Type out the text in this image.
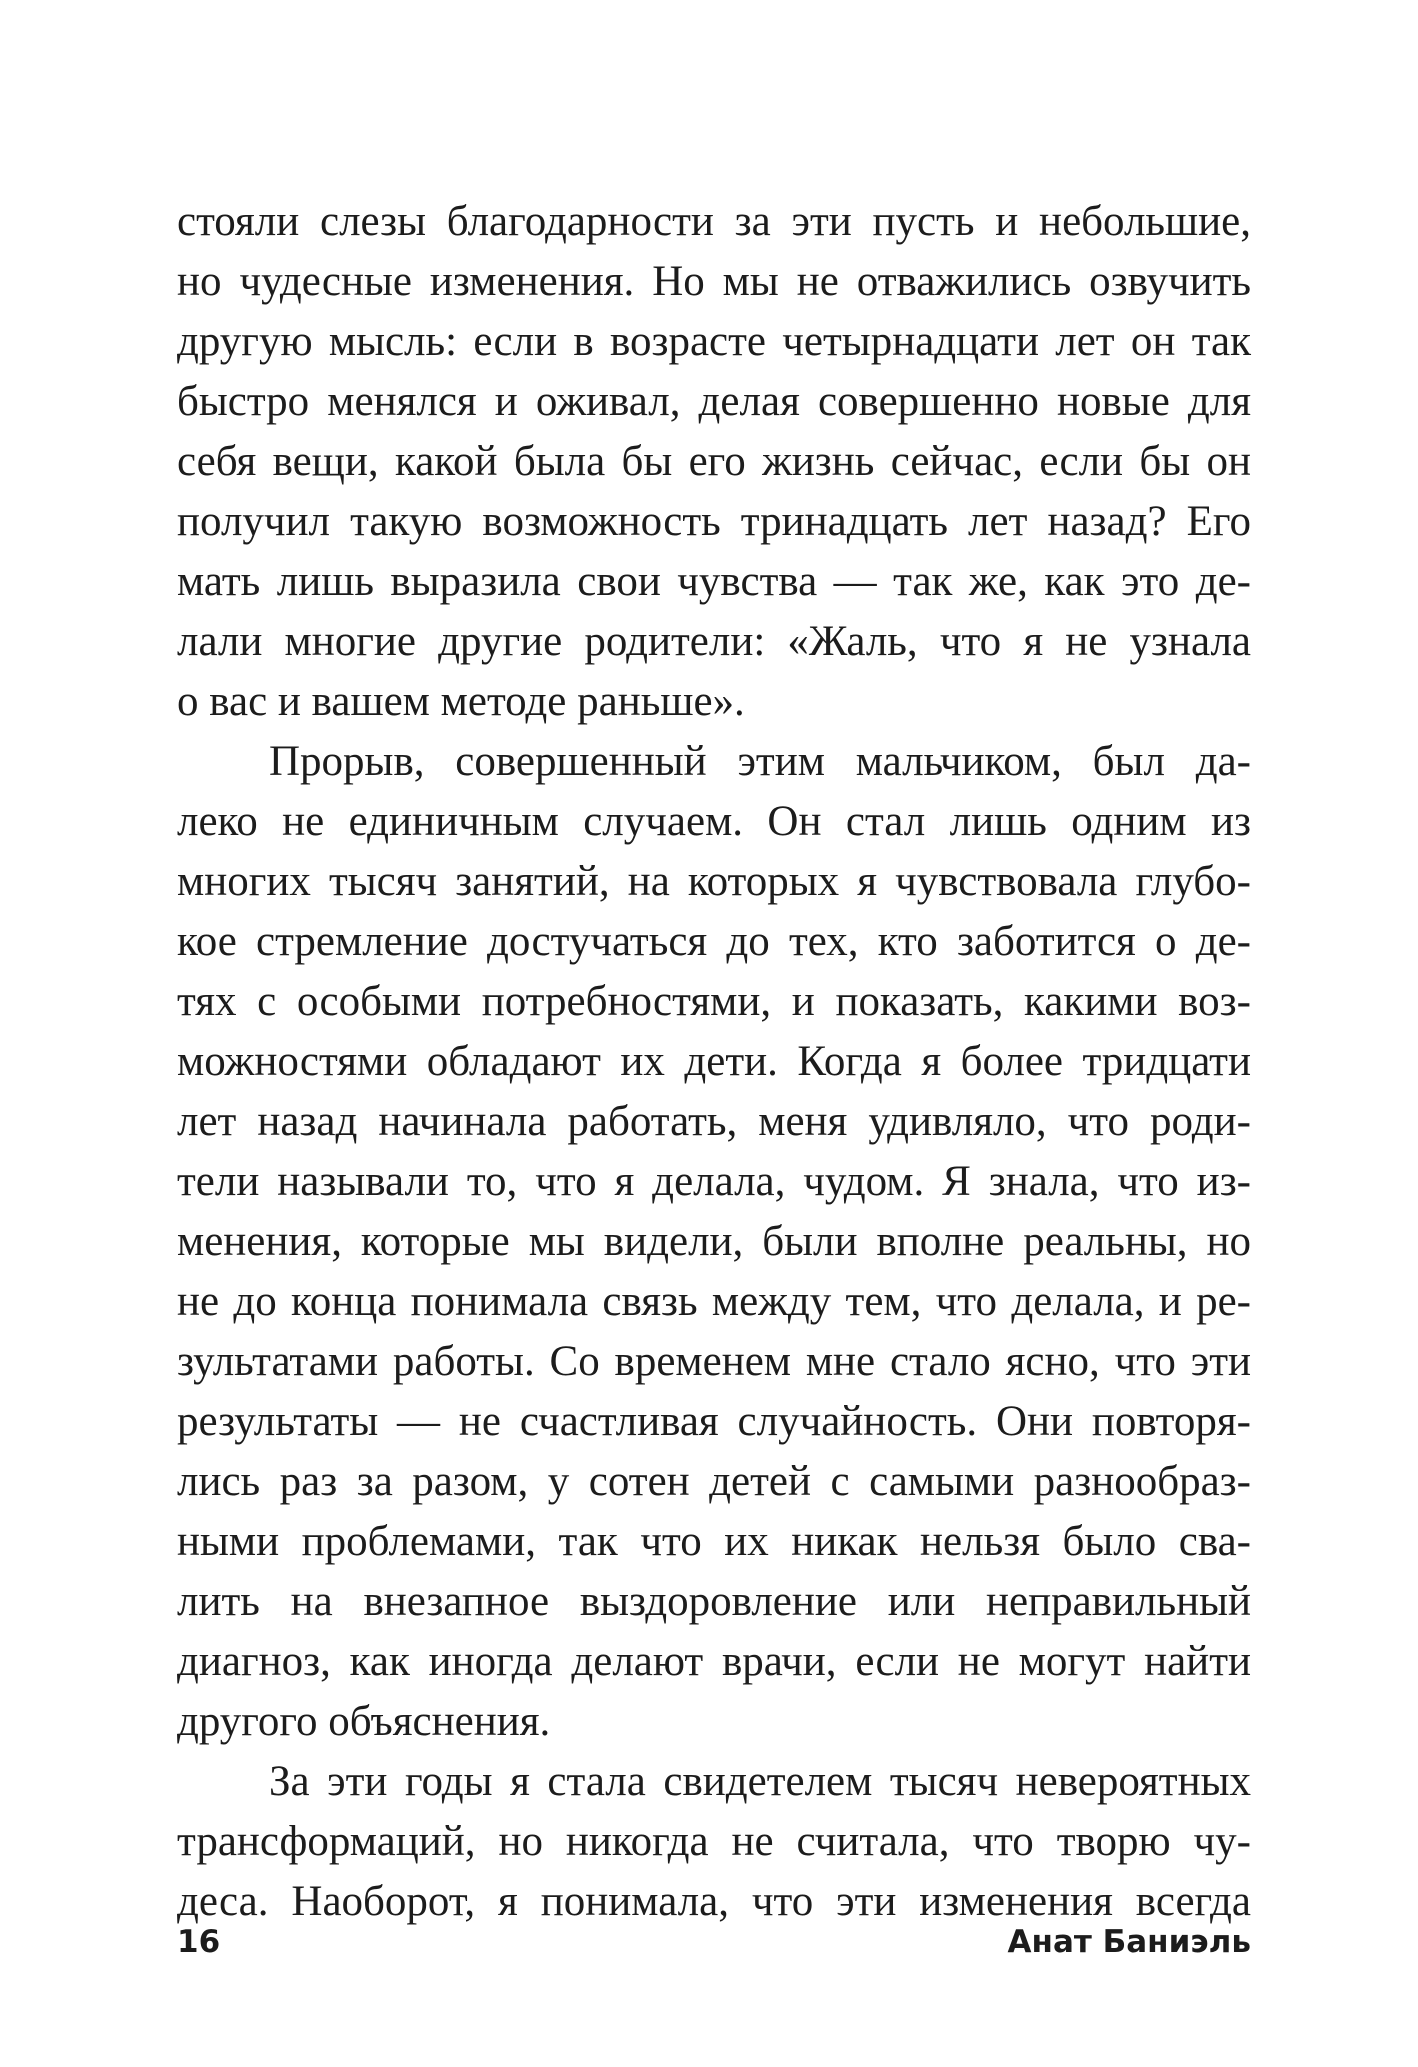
стояли слезы благодарности за эти пусть и небольшие,
но чудесные изменения. Но мы не отважились озвучить
другую мысль: если в возрасте четырнадцати лет он так
быстро менялся и оживал, делая совершенно новые для
себя вещи, какой была бы его жизнь сейчас, если бы он
получил такую возможность тринадцать лет назад? Его
мать лишь выразила свои чувства — так же, как это де-
лали многие другие родители: «Жаль, что я не узнала
о вас и вашем методе раньше».
Прорыв, совершенный этим мальчиком, был да-
леко не единичным случаем. Он стал лишь одним из
многих тысяч занятий, на которых я чувствовала глубо-
кое стремление достучаться до тех, кто заботится о де-
тях с особыми потребностями, и показать, какими воз-
можностями обладают их дети. Когда я более тридцати
лет назад начинала работать, меня удивляло, что роди-
тели называли то, что я делала, чудом. Я знала, что из-
менения, которые мы видели, были вполне реальны, но
не до конца понимала связь между тем, что делала, и ре-
зультатами работы. Со временем мне стало ясно, что эти
результаты — не счастливая случайность. Они повторя-
лись раз за разом, у сотен детей с самыми разнообраз-
ными проблемами, так что их никак нельзя было сва-
лить на внезапное выздоровление или неправильный
диагноз, как иногда делают врачи, если не могут найти
другого объяснения.
За эти годы я стала свидетелем тысяч невероятных
трансформаций, но никогда не считала, что творю чу-
деса. Наоборот, я понимала, что эти изменения всегда
16	Анат Баниэль
